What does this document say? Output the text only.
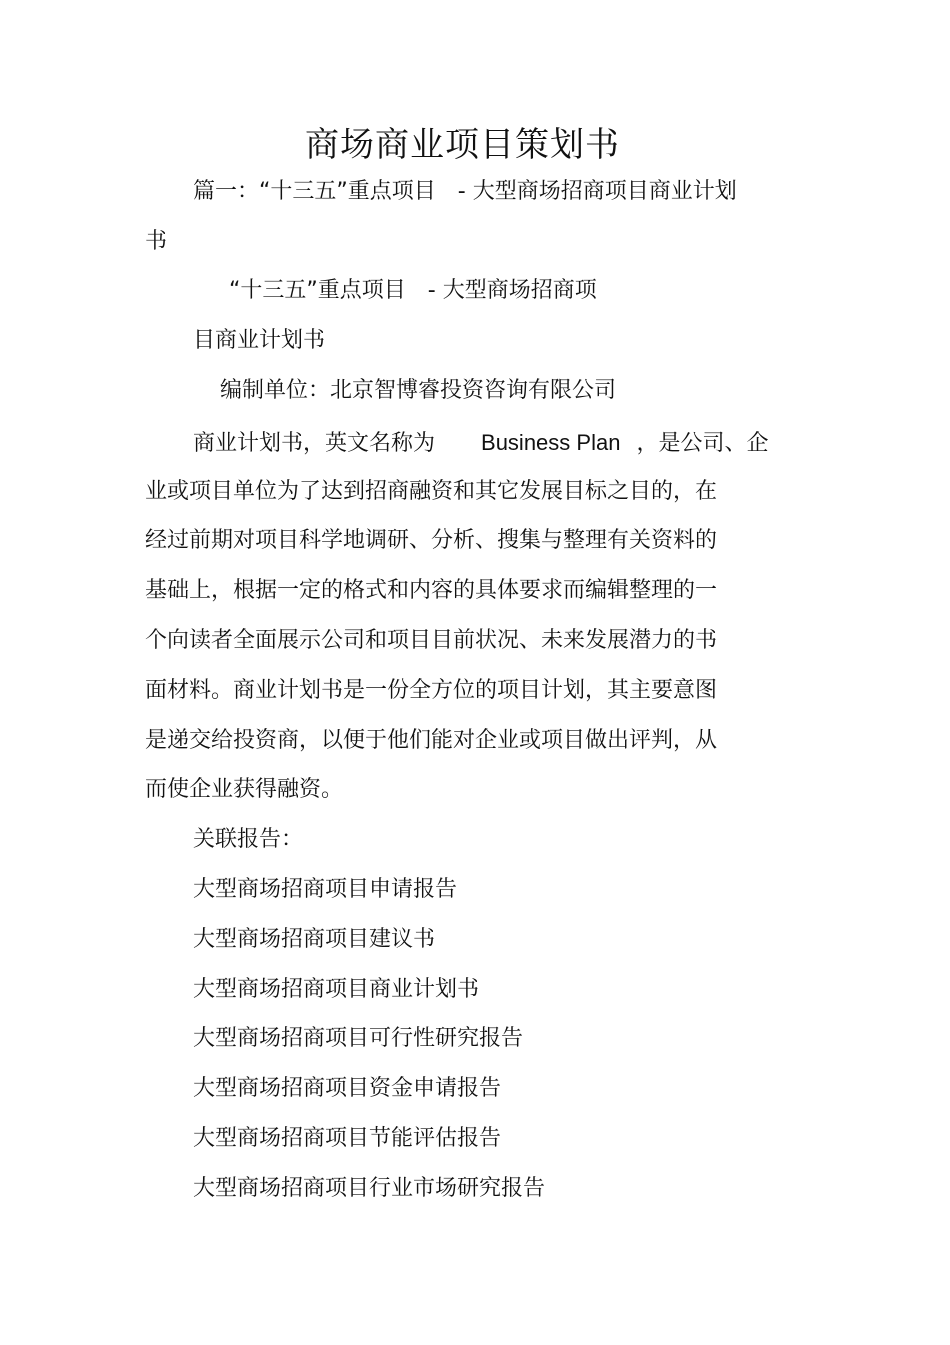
商场商业项目策划书

篇一：“十三五”重点项目 - 大型商场招商项目商业计划

书

“十三五”重点项目 - 大型商场招商项

目商业计划书

编制单位：北京智博睿投资咨询有限公司

商业计划书，英文名称为 Business Plan ，是公司、企

业或项目单位为了达到招商融资和其它发展目标之目的，在

经过前期对项目科学地调研、分析、搜集与整理有关资料的

基础上，根据一定的格式和内容的具体要求而编辑整理的一

个向读者全面展示公司和项目目前状况、未来发展潜力的书

面材料。商业计划书是一份全方位的项目计划，其主要意图

是递交给投资商，以便于他们能对企业或项目做出评判，从

而使企业获得融资。

关联报告：

大型商场招商项目申请报告

大型商场招商项目建议书

大型商场招商项目商业计划书

大型商场招商项目可行性研究报告

大型商场招商项目资金申请报告

大型商场招商项目节能评估报告

大型商场招商项目行业市场研究报告
